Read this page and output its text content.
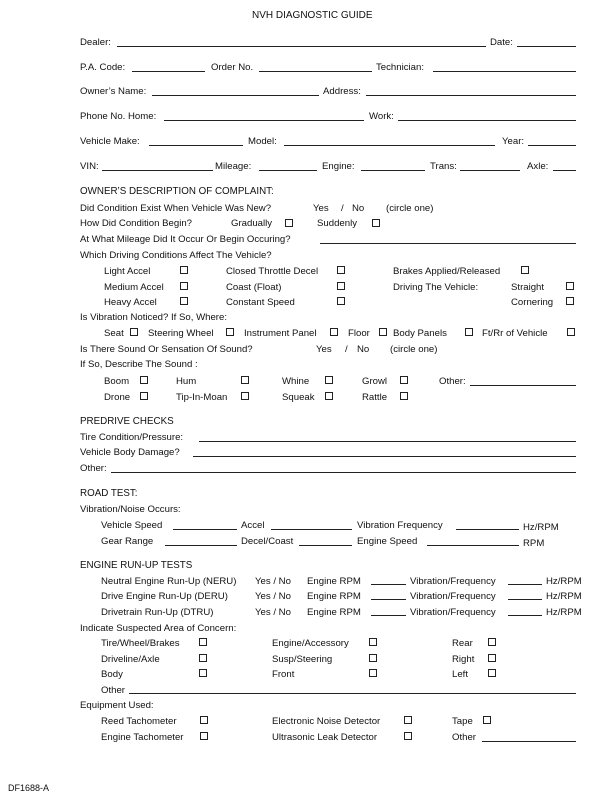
NVH DIAGNOSTIC GUIDE
Dealer:	Date:
P.A. Code:	Order No.	Technician:
Owner’s Name:	Address:
Phone No. Home:	Work:
Vehicle Make:	Model:	Year:
VIN:	Mileage:	Engine:	Trans:	Axle:
OWNER’S DESCRIPTION OF COMPLAINT:
Did Condition Exist When Vehicle Was New?	Yes / No (circle one)
How Did Condition Begin?	Gradually	Suddenly
At What Mileage Did It Occur Or Begin Occuring?
Which Driving Conditions Affect The Vehicle?
Light Accel	Closed Throttle Decel	Brakes Applied/Released
Medium Accel	Coast (Float)	Driving The Vehicle:	Straight
Heavy Accel	Constant Speed	Cornering
Is Vibration Noticed? If So, Where:
Seat	Steering Wheel	Instrument Panel	Floor Body Panels	Ft/Rr of Vehicle
Is There Sound Or Sensation Of Sound?	Yes / No (circle one)
If So, Describe The Sound :
Boom	Hum	Whine	Growl	Other:
Drone	Tip-In-Moan	Squeak	Rattle
PREDRIVE CHECKS
Tire Condition/Pressure:
Vehicle Body Damage?
Other:
ROAD TEST:
Vibration/Noise Occurs:
Vehicle Speed	Accel	Vibration Frequency	Hz/RPM
Gear Range	Decel/Coast	Engine Speed	RPM
ENGINE RUN-UP TESTS
Neutral Engine Run-Up (NERU) Yes / No Engine RPM	Vibration/Frequency	Hz/RPM
Drive Engine Run-Up (DERU)	Yes / No Engine RPM	Vibration/Frequency	Hz/RPM
Drivetrain Run-Up (DTRU)	Yes / No Engine RPM	Vibration/Frequency	Hz/RPM
Indicate Suspected Area of Concern:
Tire/Wheel/Brakes	Engine/Accessory	Rear
Driveline/Axle	Susp/Steering	Right
Body	Front	Left
Other
Equipment Used:
Reed Tachometer	Electronic Noise Detector	Tape
Engine Tachometer	Ultrasonic Leak Detector	Other
DF1688-A
